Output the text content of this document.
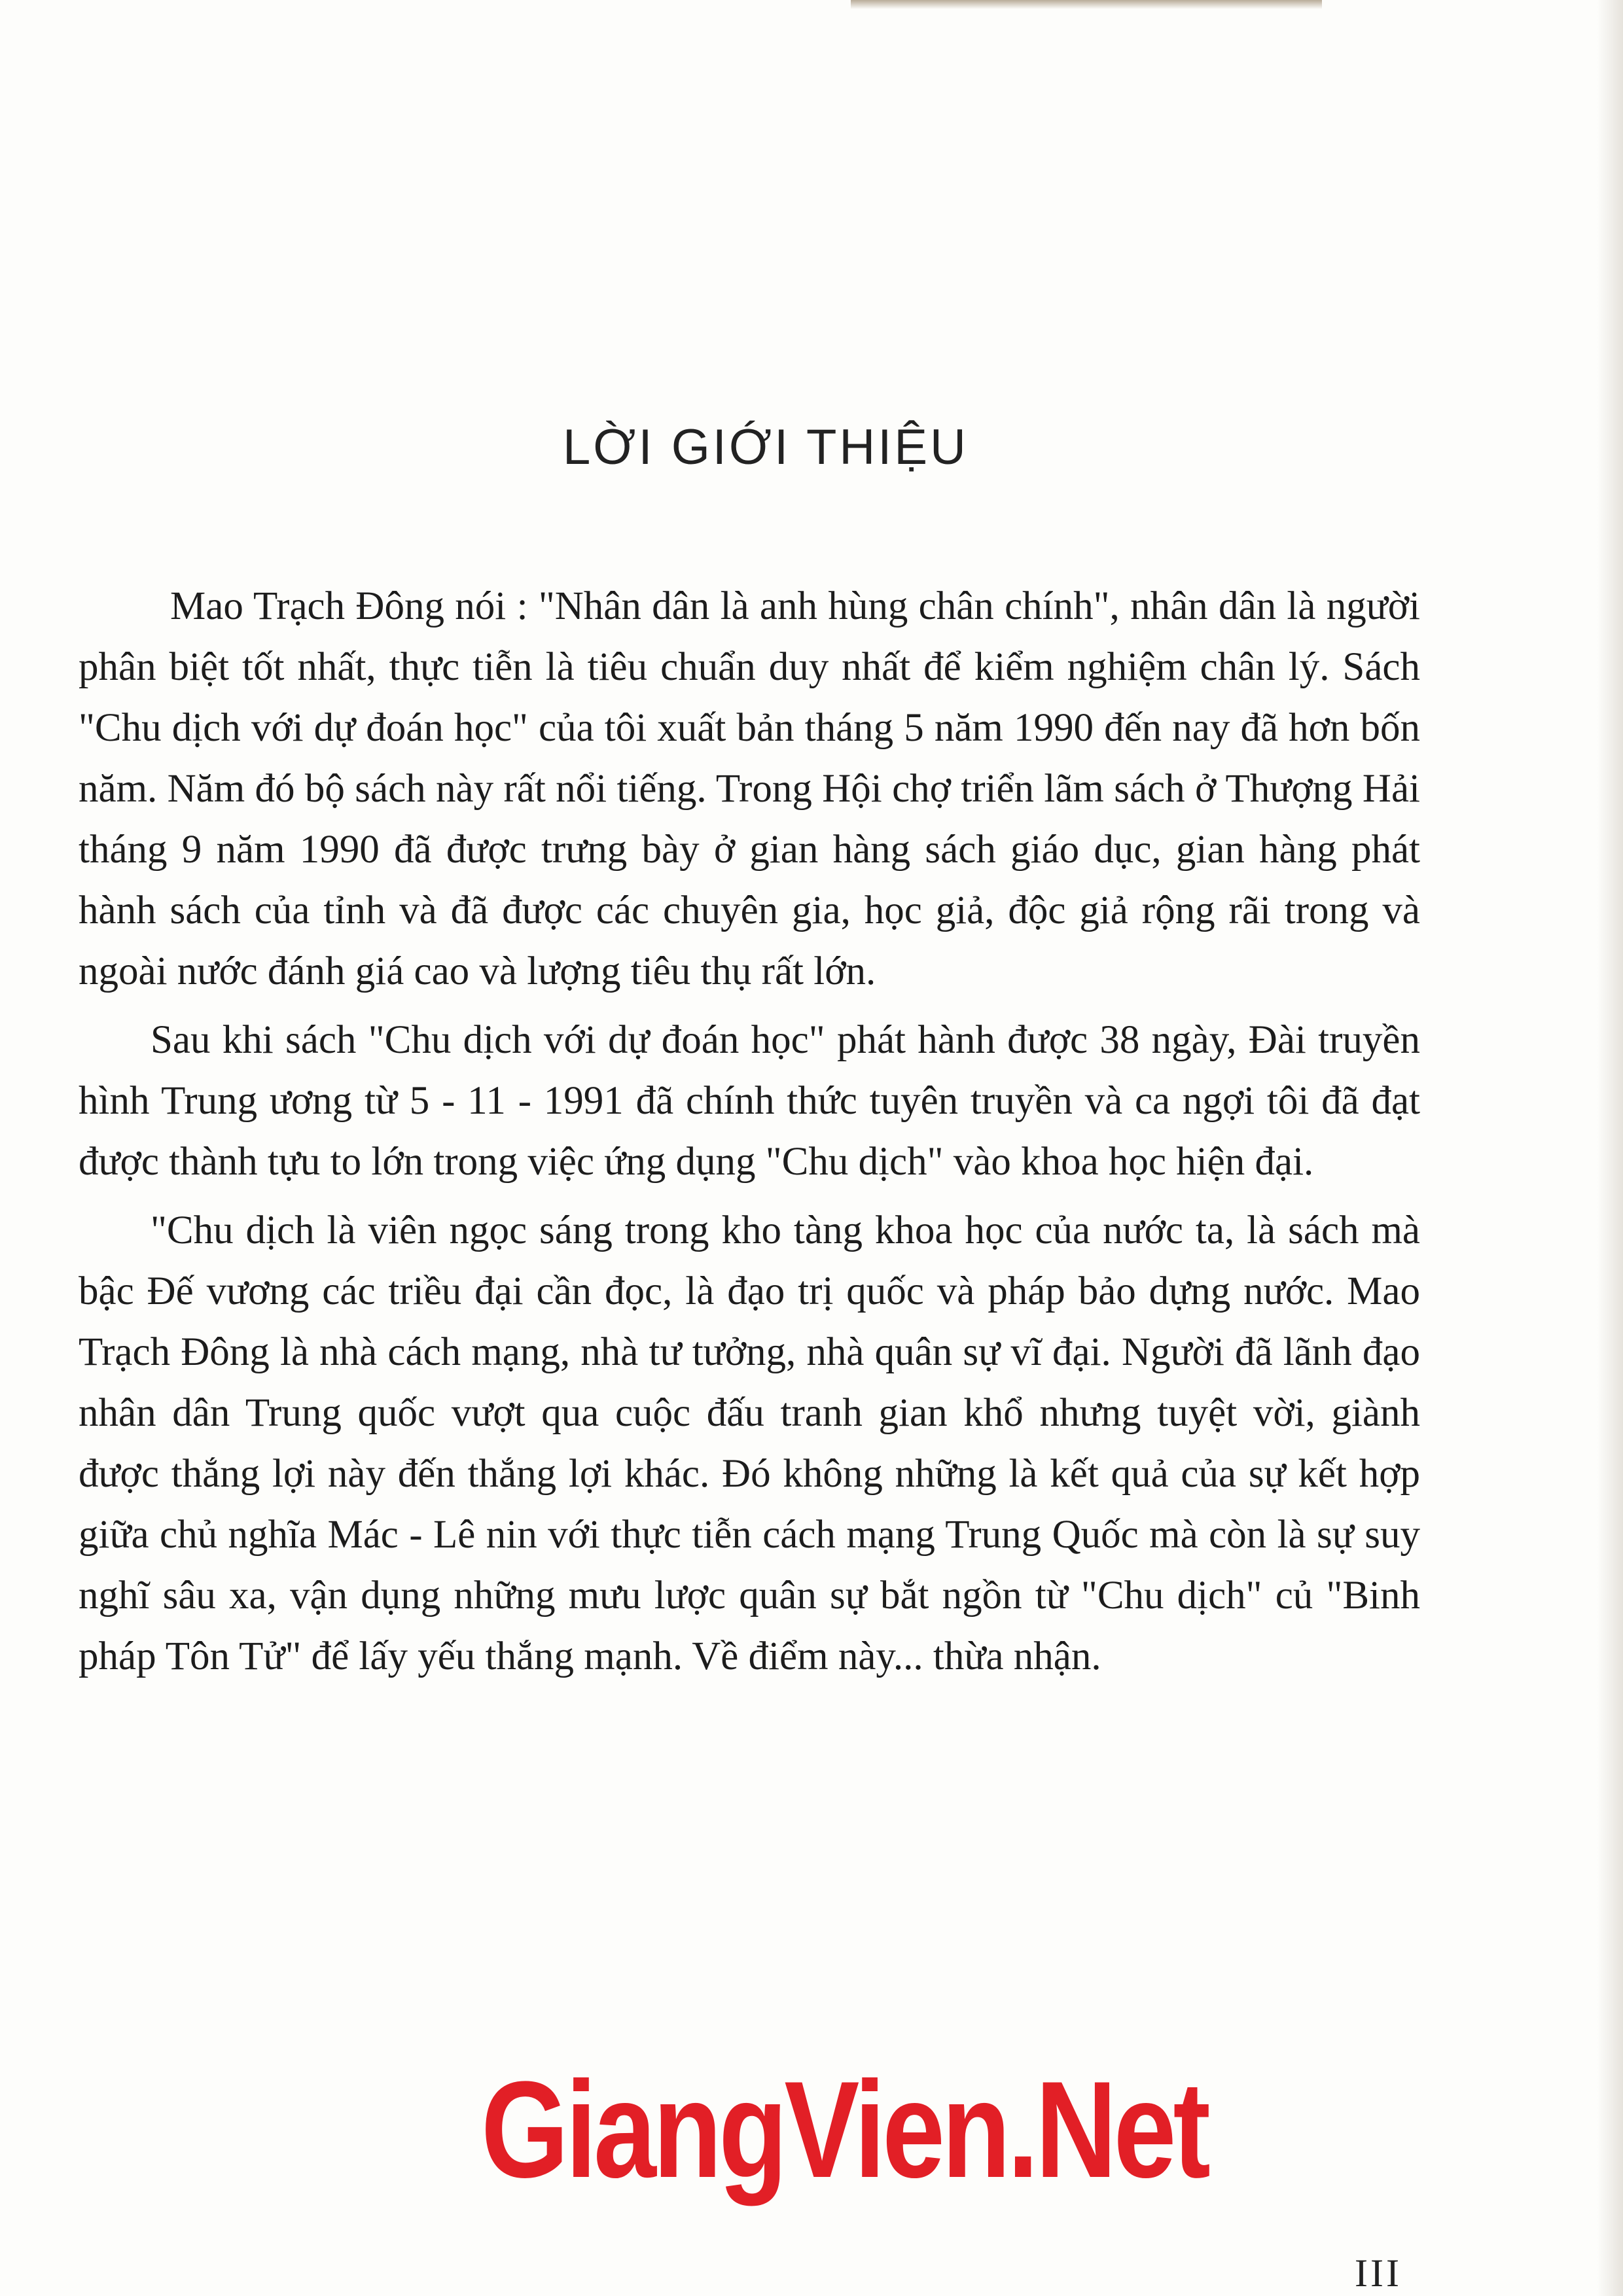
LỜI GIỚI THIỆU

Mao Trạch Đông nói : "Nhân dân là anh hùng chân chính", nhân dân là người phân biệt tốt nhất, thực tiễn là tiêu chuẩn duy nhất để kiểm nghiệm chân lý. Sách "Chu dịch với dự đoán học" của tôi xuất bản tháng 5 năm 1990 đến nay đã hơn bốn năm. Năm đó bộ sách này rất nổi tiếng. Trong Hội chợ triển lãm sách ở Thượng Hải tháng 9 năm 1990 đã được trưng bày ở gian hàng sách giáo dục, gian hàng phát hành sách của tỉnh và đã được các chuyên gia, học giả, độc giả rộng rãi trong và ngoài nước đánh giá cao và lượng tiêu thụ rất lớn.

Sau khi sách "Chu dịch với dự đoán học" phát hành được 38 ngày, Đài truyền hình Trung ương từ 5 - 11 - 1991 đã chính thức tuyên truyền và ca ngợi tôi đã đạt được thành tựu to lớn trong việc ứng dụng "Chu dịch" vào khoa học hiện đại.

"Chu dịch là viên ngọc sáng trong kho tàng khoa học của nước ta, là sách mà bậc Đế vương các triều đại cần đọc, là đạo trị quốc và pháp bảo dựng nước. Mao Trạch Đông là nhà cách mạng, nhà tư tưởng, nhà quân sự vĩ đại. Người đã lãnh đạo nhân dân Trung quốc vượt qua cuộc đấu tranh gian khổ nhưng tuyệt vời, giành được thắng lợi này đến thắng lợi khác. Đó không những là kết quả của sự kết hợp giữa chủ nghĩa Mác - Lê nin với thực tiễn cách mạng Trung Quốc mà còn là sự suy nghĩ sâu xa, vận dụng những mưu lược quân sự bắt ngồn từ "Chu dịch" củ "Binh pháp Tôn Tử" để lấy yếu thắng mạnh. Về điểm này... thừa nhận.

GiangVien.Net
III
